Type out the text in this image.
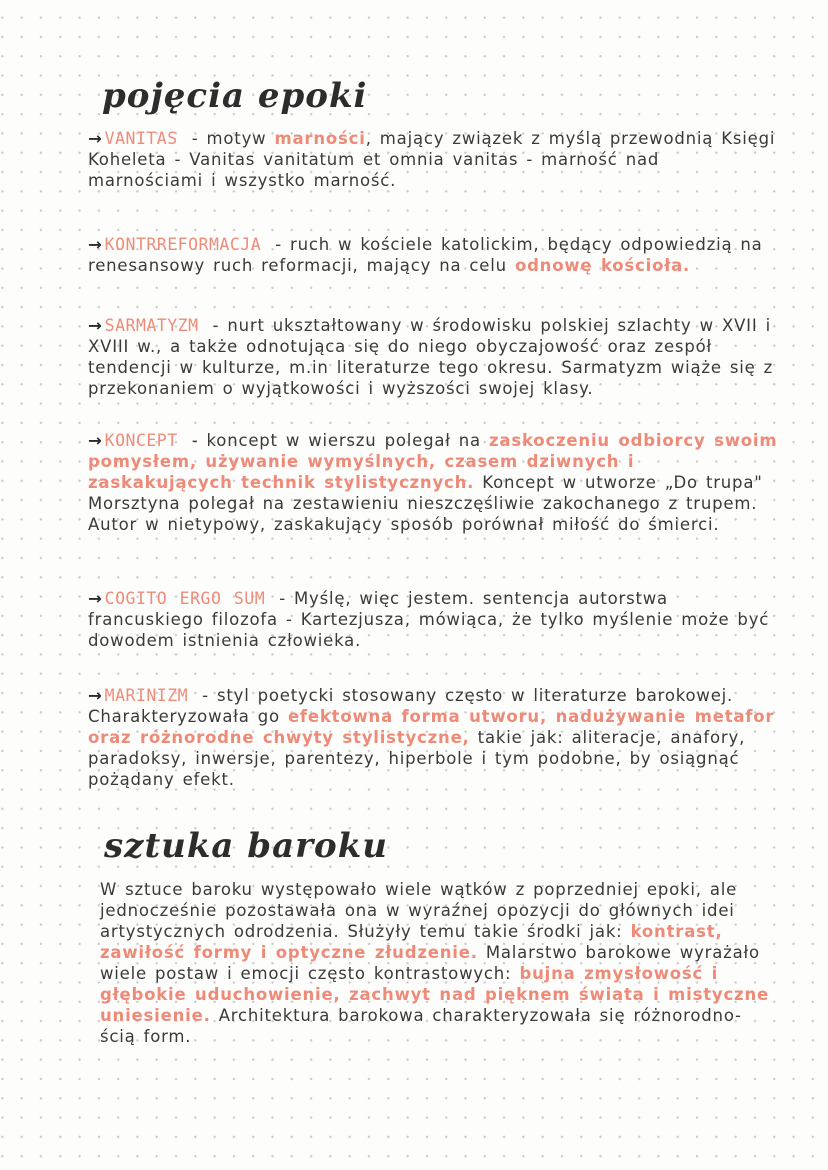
pojęcia epoki

→ VANITAS - motyw marności, mający związek z myślą przewodnią Księgi Koheleta - Vanitas vanitatum et omnia vanitas - marność nad marnościami i wszystko marność.

→ KONTRREFORMACJA - ruch w kościele katolickim, będący odpowiedzią na renesansowy ruch reformacji, mający na celu odnowę kościoła.

→ SARMATYZM - nurt ukształtowany w środowisku polskiej szlachty w XVII i XVIII w., a także odnotująca się do niego obyczajowość oraz zespół tendencji w kulturze, m.in literaturze tego okresu. Sarmatyzm wiąże się z przekonaniem o wyjątkowości i wyższości swojej klasy.

→ KONCEPT - koncept w wierszu polegał na zaskoczeniu odbiorcy swoim pomysłem, używanie wymyślnych, czasem dziwnych i zaskakujących technik stylistycznych. Koncept w utworze „Do trupa" Morsztyna polegał na zestawieniu nieszczęśliwie zakochanego z trupem. Autor w nietypowy, zaskakujący sposób porównał miłość do śmierci.

→ COGITO ERGO SUM - Myślę, więc jestem. sentencja autorstwa francuskiego filozofa - Kartezjusza, mówiąca, że tylko myślenie może być dowodem istnienia człowieka.

→ MARINIZM - styl poetycki stosowany często w literaturze barokowej. Charakteryzowała go efektowna forma utworu, nadużywanie metafor oraz różnorodne chwyty stylistyczne, takie jak: aliteracje, anafory, paradoksy, inwersje, parentezy, hiperbole i tym podobne, by osiągnąć pożądany efekt.

sztuka baroku

W sztuce baroku występowało wiele wątków z poprzedniej epoki, ale jednocześnie pozostawała ona w wyraźnej opozycji do głównych idei artystycznych odrodzenia. Służyły temu takie środki jak: kontrast, zawiłość formy i optyczne złudzenie. Malarstwo barokowe wyrażało wiele postaw i emocji często kontrastowych: bujna zmysłowość i głębokie uduchowienie, zachwyt nad pięknem świata i mistyczne uniesienie. Architektura barokowa charakteryzowała się różnorodno-ścią form.
